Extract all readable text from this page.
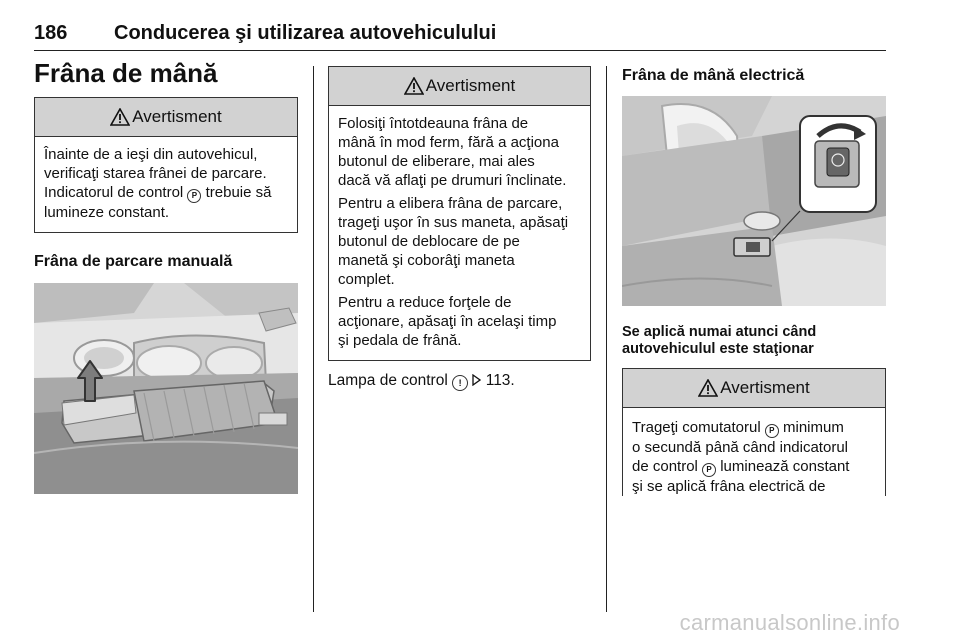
186 Conducerea şi utilizarea autovehiculului
Frâna de mână
Avertisment
Înainte de a ieşi din autovehicul,
verificaţi starea frânei de parcare.
Indicatorul de control P trebuie să
lumineze constant.
Frâna de parcare manuală
Avertisment

Folosiţi întotdeauna frâna de
mână în mod ferm, fără a acţiona
butonul de eliberare, mai ales
dacă vă aflaţi pe drumuri înclinate.

Pentru a elibera frâna de parcare,
trageţi uşor în sus maneta, apăsaţi
butonul de deblocare de pe
manetă şi coborâţi maneta
complet.

Pentru a reduce forţele de
acţionare, apăsaţi în acelaşi timp
şi pedala de frână.

Lampa de control ! 113.

Frâna de mână electrică
Se aplică numai atunci când
autovehiculul este staţionar
Avertisment
Trageţi comutatorul P minimum
o secundă până când indicatorul
de control P luminează constant
şi se aplică frâna electrică de
carmanualsonline.info
